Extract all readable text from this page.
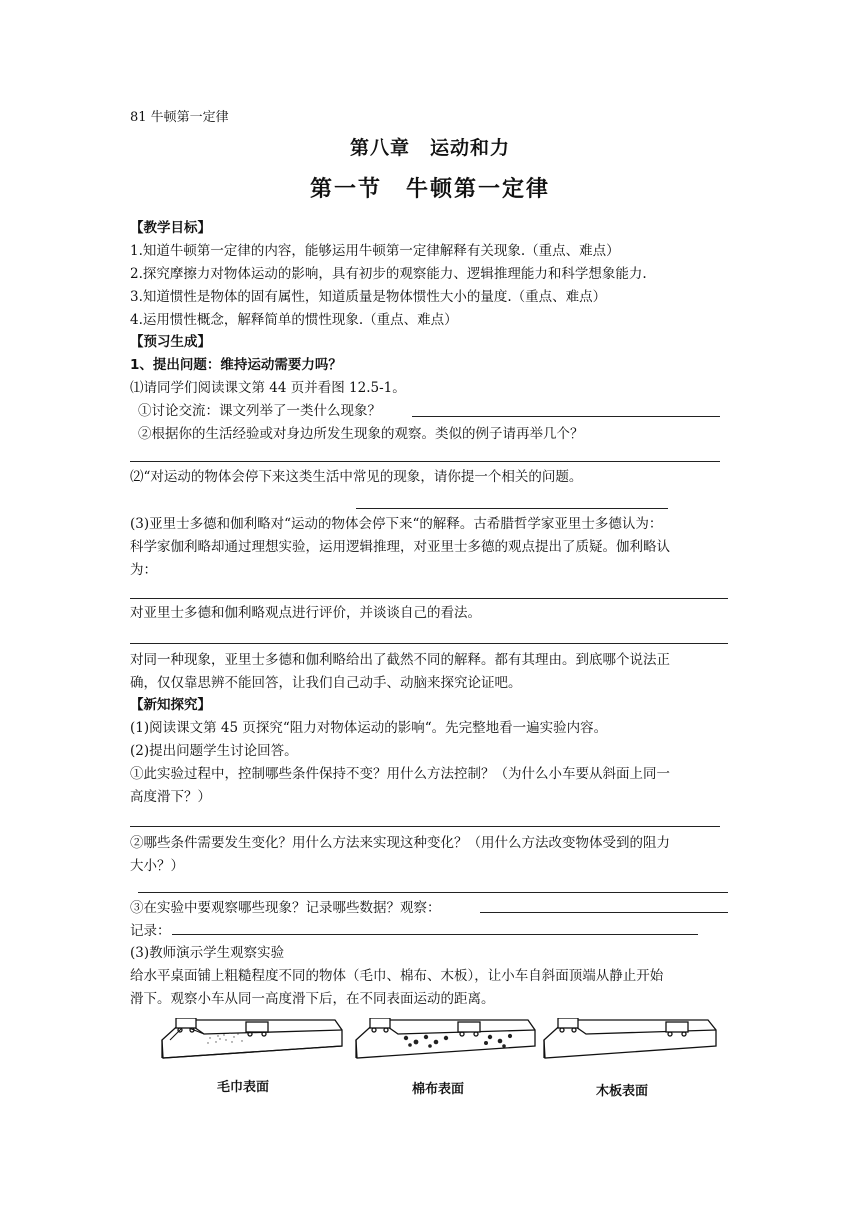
81 牛顿第一定律
第八章　运动和力
第一节　牛顿第一定律
【教学目标】
1.知道牛顿第一定律的内容，能够运用牛顿第一定律解释有关现象.（重点、难点）
2.探究摩擦力对物体运动的影响，具有初步的观察能力、逻辑推理能力和科学想象能力.
3.知道惯性是物体的固有属性，知道质量是物体惯性大小的量度.（重点、难点）
4.运用惯性概念，解释简单的惯性现象.（重点、难点）
【预习生成】
1、提出问题：维持运动需要力吗？
⑴请同学们阅读课文第 44 页并看图 12.5-1。
①讨论交流：课文列举了一类什么现象？
②根据你的生活经验或对身边所发生现象的观察。类似的例子请再举几个？
⑵“对运动的物体会停下来这类生活中常见的现象，请你提一个相关的问题。
(3)亚里士多德和伽利略对“运动的物体会停下来“的解释。古希腊哲学家亚里士多德认为：
科学家伽利略却通过理想实验，运用逻辑推理，对亚里士多德的观点提出了质疑。伽利略认
为：
对亚里士多德和伽利略观点进行评价，并谈谈自己的看法。
对同一种现象，亚里士多德和伽利略给出了截然不同的解释。都有其理由。到底哪个说法正
确，仅仅靠思辨不能回答，让我们自己动手、动脑来探究论证吧。
【新知探究】
(1)阅读课文第 45 页探究“阻力对物体运动的影响“。先完整地看一遍实验内容。
(2)提出问题学生讨论回答。
①此实验过程中，控制哪些条件保持不变？用什么方法控制？（为什么小车要从斜面上同一
高度滑下？）
②哪些条件需要发生变化？用什么方法来实现这种变化？（用什么方法改变物体受到的阻力
大小？）
③在实验中要观察哪些现象？记录哪些数据？观察：
记录：
(3)教师演示学生观察实验
给水平桌面铺上粗糙程度不同的物体（毛巾、棉布、木板），让小车自斜面顶端从静止开始
滑下。观察小车从同一高度滑下后，在不同表面运动的距离。
毛巾表面	棉布表面	木板表面
